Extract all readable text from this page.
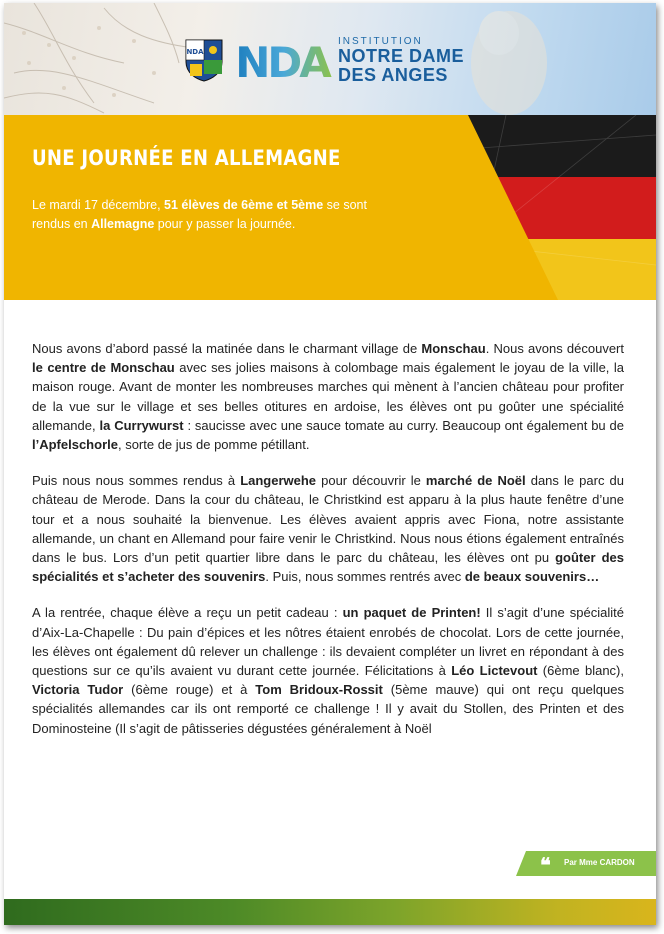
NDA NDA INSTITUTION
NOTRE DAME
DES ANGES
UNE JOURNÉE EN ALLEMAGNE

Le mardi 17 décembre, 51 élèves de 6ème et 5ème se sont rendus en Allemagne pour y passer la journée.

Nous avons d’abord passé la matinée dans le charmant village de Monschau. Nous avons découvert le centre de Monschau avec ses jolies maisons à colombage mais également le joyau de la ville, la maison rouge. Avant de monter les nombreuses marches qui mènent à l’ancien château pour profiter de la vue sur le village et ses belles otitures en ardoise, les élèves ont pu goûter une spécialité allemande, la Currywurst : saucisse avec une sauce tomate au curry. Beaucoup ont également bu de l’Apfelschorle, sorte de jus de pomme pétillant.

Puis nous nous sommes rendus à Langerwehe pour découvrir le marché de Noël dans le parc du château de Merode. Dans la cour du château, le Christkind est apparu à la plus haute fenêtre d’une tour et a nous souhaité la bienvenue. Les élèves avaient appris avec Fiona, notre assistante allemande, un chant en Allemand pour faire venir le Christkind. Nous nous étions également entraînés dans le bus. Lors d’un petit quartier libre dans le parc du château, les élèves ont pu goûter des spécialités et s’acheter des souvenirs. Puis, nous sommes rentrés avec de beaux souvenirs…

A la rentrée, chaque élève a reçu un petit cadeau : un paquet de Printen! Il s’agit d’une spécialité d’Aix-La-Chapelle : Du pain d’épices et les nôtres étaient enrobés de chocolat. Lors de cette journée, les élèves ont également dû relever un challenge : ils devaient compléter un livret en répondant à des questions sur ce qu’ils avaient vu durant cette journée. Félicitations à Léo Lictevout (6ème blanc), Victoria Tudor (6ème rouge) et à Tom Bridoux-Rossit (5ème mauve) qui ont reçu quelques spécialités allemandes car ils ont remporté ce challenge ! Il y avait du Stollen, des Printen et des Dominosteine (Il s’agit de pâtisseries dégustées généralement à Noël

❝ Par Mme CARDON
